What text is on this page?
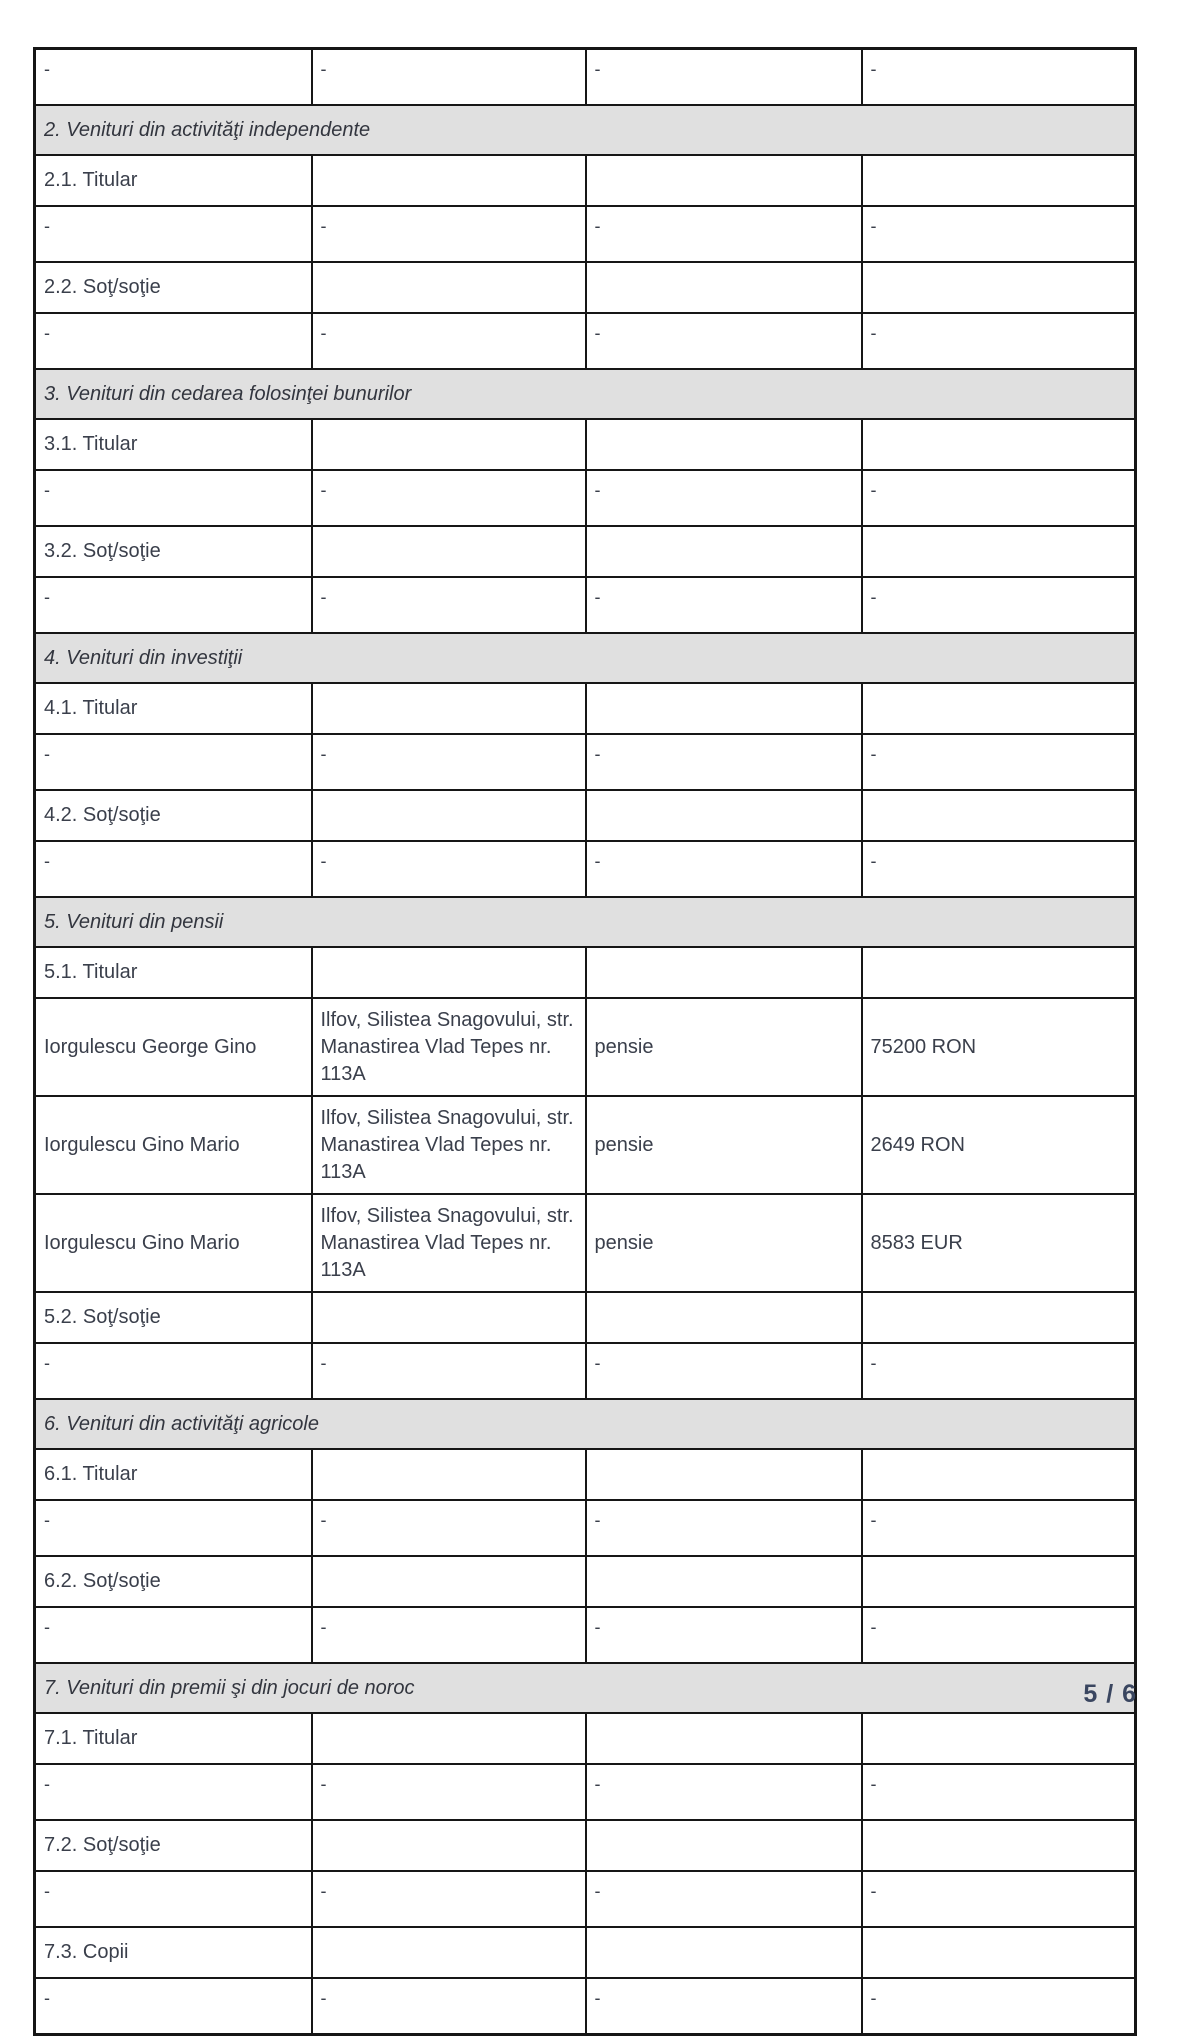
-	-	-	-
2. Venituri din activităţi independente			
2.1. Titular			
-	-	-	-
2.2. Soţ/soţie			
-	-	-	-
3. Venituri din cedarea folosinţei bunurilor			
3.1. Titular			
-	-	-	-
3.2. Soţ/soţie			
-	-	-	-
4. Venituri din investiţii			
4.1. Titular			
-	-	-	-
4.2. Soţ/soţie			
-	-	-	-
5. Venituri din pensii			
5.1. Titular			
Iorgulescu George Gino	Ilfov, Silistea Snagovului, str. Manastirea Vlad Tepes nr. 113A	pensie	75200 RON
Iorgulescu Gino Mario	Ilfov, Silistea Snagovului, str. Manastirea Vlad Tepes nr. 113A	pensie	2649 RON
Iorgulescu Gino Mario	Ilfov, Silistea Snagovului, str. Manastirea Vlad Tepes nr. 113A	pensie	8583 EUR
5.2. Soţ/soţie			
-	-	-	-
6. Venituri din activităţi agricole			
6.1. Titular			
-	-	-	-
6.2. Soţ/soţie			
-	-	-	-
7. Venituri din premii şi din jocuri de noroc			
7.1. Titular			
-	-	-	-
7.2. Soţ/soţie			
-	-	-	-
7.3. Copii			
-	-	-	-
5 / 6
